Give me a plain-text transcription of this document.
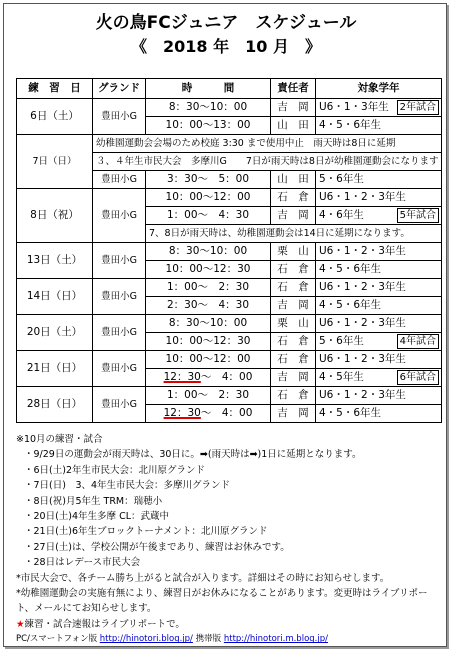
火の鳥FCジュニア　スケジュール
《　2018 年　10 月　》
練　習　日	グランド	時　　　間	責任者	対象学年
6日（土）	豊田小G	8：30〜10：00	吉　岡	U6・1・3年生 2年試合

		10：00〜13：00	山　田	4・5・6年生
7日（日）	幼稚園運動会会場のため校庭 3:30 まで使用中止　雨天時は8日に延期			
	３、４年生市民大会　多摩川G　　7日が雨天時は8日が幼稚園運動会になります			
	豊田小G	3：30〜　5：00	山　田	5・6年生
8日（祝）	豊田小G	10：00〜12：00	石　倉	U6・1・2・3年生
		1：00〜　4：30	吉　岡	4・6年生 5年試合

		7、8日が雨天時は、幼稚園運動会は14日に延期になります。		
13日（土）	豊田小G	8：30〜10：00	栗　山	U6・1・2・3年生
		10：00〜12：30	石　倉	4・5・6年生
14日（日）	豊田小G	1：00〜　2：30	石　倉	U6・1・2・3年生
		2：30〜　4：30	吉　岡	4・5・6年生
20日（土）	豊田小G	8：30〜10：00	栗　山	U6・1・2・3年生
		10：00〜12：30	石　倉	5・6年生 4年試合

21日（日）	豊田小G	10：00〜12：00	石　倉	U6・1・2・3年生
		12：30〜　4：00	吉　岡	4・5年生 6年試合

28日（日）	豊田小G	1：00〜　2：30	石　倉	U6・1・2・3年生
		12：30〜　4：00	吉　岡	4・5・6年生
※10月の練習・試合
・9/29日の運動会が雨天時は、30日に。➡(雨天時は➡)1日に延期となります。
・6日(土)2年生市民大会：北川原グランド
・7日(日)　3、4年生市民大会：多摩川グランド
・8日(祝)月5年生 TRM：瑞穂小
・20日(土)4年生多摩 CL：武蔵中
・21日(土)6年生ブロックトーナメント：北川原グランド
・27日(土)は、学校公開が午後まであり、練習はお休みです。
・28日はレデース市民大会
*市民大会で、各チーム勝ち上がると試合が入ります。詳細はその時にお知らせします。
*幼稚園運動会の実施有無により、練習日がお休みになることがあります。変更時はライブリポー
ト、メールにてお知らせします。
★練習・試合速報はライブリポートで。
PC/スマートフォン版 http://hinotori.blog.jp/ 携帯版 http://hinotori.m.blog.jp/
